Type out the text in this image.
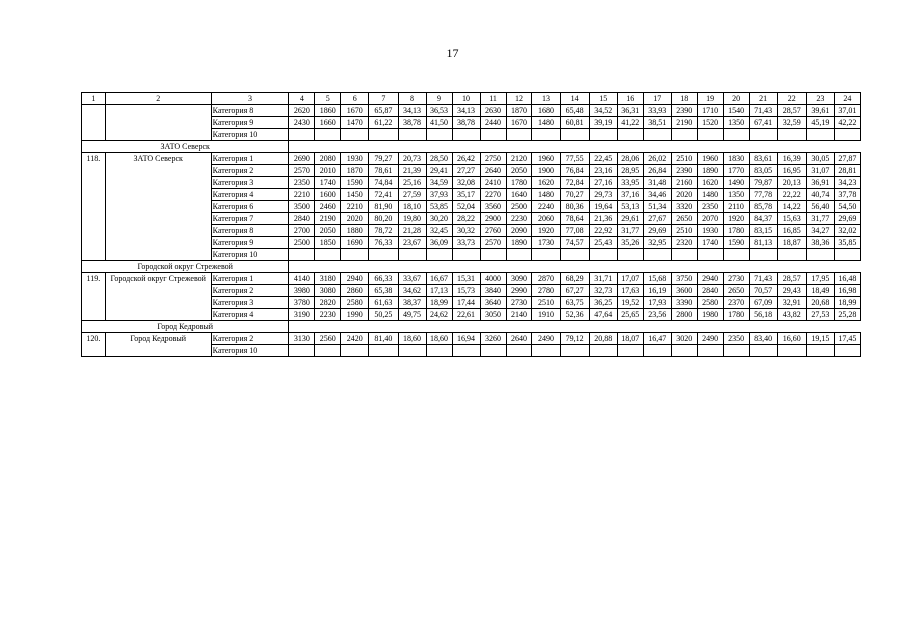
17
1	2	3	4	5	6	7	8	9	10	11	12	13	14	15	16	17	18	19	20	21	22	23	24
		Категория 8	2620	1860	1670	65,87	34,13	36,53	34,13	2630	1870	1680	65,48	34,52	36,31	33,93	2390	1710	1540	71,43	28,57	39,61	37,01
		Категория 9	2430	1660	1470	61,22	38,78	41,50	38,78	2440	1670	1480	60,81	39,19	41,22	38,51	2190	1520	1350	67,41	32,59	45,19	42,22
		Категория 10																					
ЗАТО Северск																							
118.	ЗАТО Северск	Категория 1	2690	2080	1930	79,27	20,73	28,50	26,42	2750	2120	1960	77,55	22,45	28,06	26,02	2510	1960	1830	83,61	16,39	30,05	27,87
		Категория 2	2570	2010	1870	78,61	21,39	29,41	27,27	2640	2050	1900	76,84	23,16	28,95	26,84	2390	1890	1770	83,05	16,95	31,07	28,81
		Категория 3	2350	1740	1590	74,84	25,16	34,59	32,08	2410	1780	1620	72,84	27,16	33,95	31,48	2160	1620	1490	79,87	20,13	36,91	34,23
		Категория 4	2210	1600	1450	72,41	27,59	37,93	35,17	2270	1640	1480	70,27	29,73	37,16	34,46	2020	1480	1350	77,78	22,22	40,74	37,78
		Категория 6	3500	2460	2210	81,90	18,10	53,85	52,04	3560	2500	2240	80,36	19,64	53,13	51,34	3320	2350	2110	85,78	14,22	56,40	54,50
		Категория 7	2840	2190	2020	80,20	19,80	30,20	28,22	2900	2230	2060	78,64	21,36	29,61	27,67	2650	2070	1920	84,37	15,63	31,77	29,69
		Категория 8	2700	2050	1880	78,72	21,28	32,45	30,32	2760	2090	1920	77,08	22,92	31,77	29,69	2510	1930	1780	83,15	16,85	34,27	32,02
		Категория 9	2500	1850	1690	76,33	23,67	36,09	33,73	2570	1890	1730	74,57	25,43	35,26	32,95	2320	1740	1590	81,13	18,87	38,36	35,85
		Категория 10																					
Городской округ Стрежевой																							
119.	Городской округ Стрежевой	Категория 1	4140	3180	2940	66,33	33,67	16,67	15,31	4000	3090	2870	68,29	31,71	17,07	15,68	3750	2940	2730	71,43	28,57	17,95	16,48
		Категория 2	3980	3080	2860	65,38	34,62	17,13	15,73	3840	2990	2780	67,27	32,73	17,63	16,19	3600	2840	2650	70,57	29,43	18,49	16,98
		Категория 3	3780	2820	2580	61,63	38,37	18,99	17,44	3640	2730	2510	63,75	36,25	19,52	17,93	3390	2580	2370	67,09	32,91	20,68	18,99
		Категория 4	3190	2230	1990	50,25	49,75	24,62	22,61	3050	2140	1910	52,36	47,64	25,65	23,56	2800	1980	1780	56,18	43,82	27,53	25,28
Город Кедровый																							
120.	Город Кедровый	Категория 2	3130	2560	2420	81,40	18,60	18,60	16,94	3260	2640	2490	79,12	20,88	18,07	16,47	3020	2490	2350	83,40	16,60	19,15	17,45
		Категория 10																					
